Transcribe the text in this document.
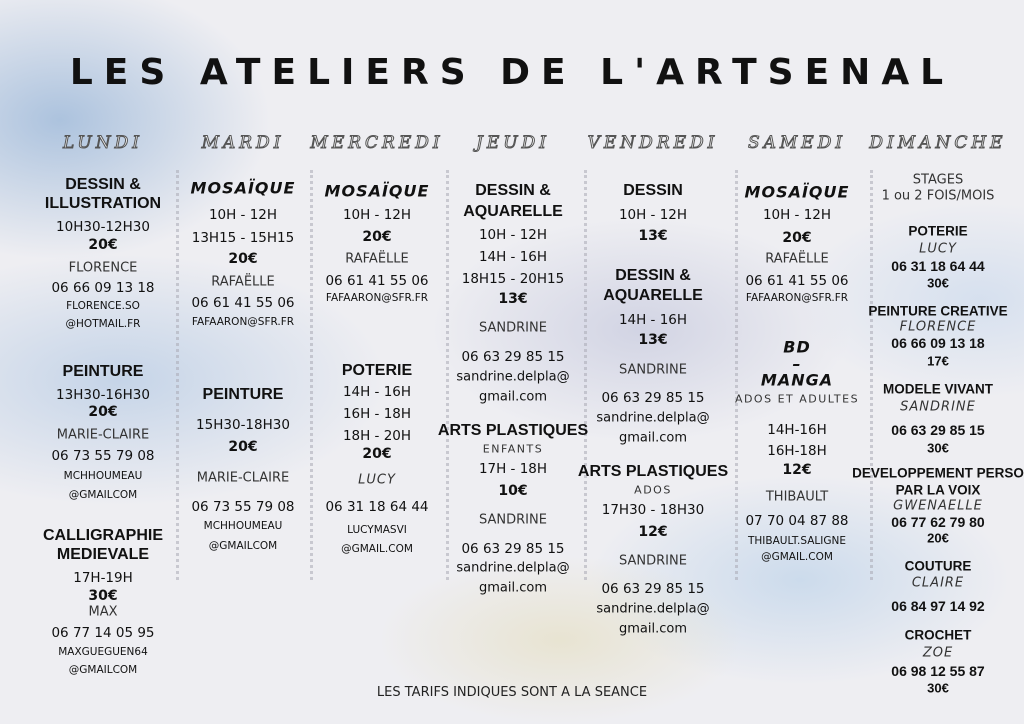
LES ATELIERS DE L'ARTSENAL
LUNDI	MARDI MERCREDI JEUDI VENDREDI SAMEDI DIMANCHE
DESSIN &
ILLUSTRATION
10H30-12H30
20€
FLORENCE
06 66 09 13 18
FLORENCE.SO
@HOTMAIL.FR
PEINTURE
13H30-16H30
20€
MARIE-CLAIRE
06 73 55 79 08
MCHHOUMEAU
@GMAILCOM
CALLIGRAPHIE
MEDIEVALE
17H-19H
30€
MAX
06 77 14 05 95
MAXGUEGUEN64
@GMAILCOM
MOSAÏQUE
10H - 12H
13H15 - 15H15
20€
RAFAËLLE
06 61 41 55 06
FAFAARON@SFR.FR
PEINTURE
15H30-18H30
20€
MARIE-CLAIRE
06 73 55 79 08
MCHHOUMEAU
@GMAILCOM
MOSAÏQUE
10H - 12H
20€
RAFAËLLE
06 61 41 55 06
FAFAARON@SFR.FR
POTERIE
14H - 16H
16H - 18H
18H - 20H
20€
LUCY
06 31 18 64 44
LUCYMASVI
@GMAIL.COM
DESSIN &
AQUARELLE
10H - 12H
14H - 16H
18H15 - 20H15
13€
SANDRINE
06 63 29 85 15
sandrine.delpla@
gmail.com
ARTS PLASTIQUES
ENFANTS
17H - 18H
10€
SANDRINE
06 63 29 85 15
sandrine.delpla@
gmail.com
DESSIN
10H - 12H
13€
DESSIN &
AQUARELLE
14H - 16H
13€
SANDRINE
06 63 29 85 15
sandrine.delpla@
gmail.com
ARTS PLASTIQUES
ADOS
17H30 - 18H30
12€
SANDRINE
06 63 29 85 15
sandrine.delpla@
gmail.com
MOSAÏQUE
10H - 12H
20€
RAFAËLLE
06 61 41 55 06
FAFAARON@SFR.FR
BD
–
MANGA
ADOS ET ADULTES
14H-16H
16H-18H
12€
THIBAULT
07 70 04 87 88
THIBAULT.SALIGNE
@GMAIL.COM
STAGES
1 ou 2 FOIS/MOIS
POTERIE
LUCY
06 31 18 64 44
30€
PEINTURE CREATIVE
FLORENCE
06 66 09 13 18
17€
MODELE VIVANT
SANDRINE
06 63 29 85 15
30€
DEVELOPPEMENT PERSO
PAR LA VOIX
GWENAELLE
06 77 62 79 80
20€
COUTURE
CLAIRE
06 84 97 14 92
CROCHET
ZOE
06 98 12 55 87
30€
LES TARIFS INDIQUES SONT A LA SEANCE
